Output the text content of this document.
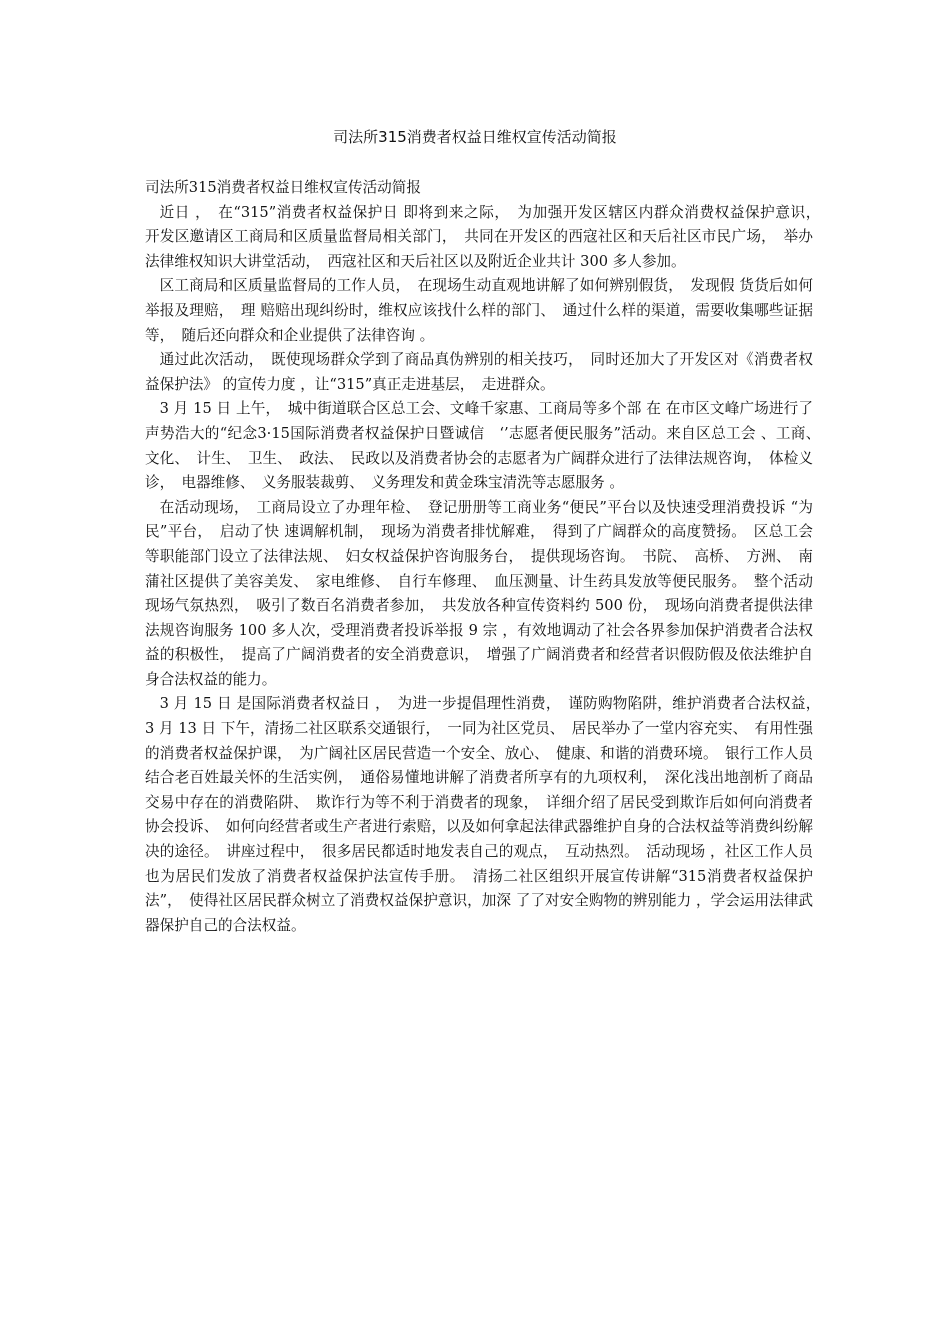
司法所315消费者权益日维权宣传活动简报

司法所315消费者权益日维权宣传活动简报

近日 ，　在“315”消费者权益保护日 即将到来之际，　为加强开发区辖区内群众消费权益保护意识，　开发区邀请区工商局和区质量监督局相关部门，　共同在开发区的西寇社区和天后社区市民广场，　举办法律维权知识大讲堂活动，　西寇社区和天后社区以及附近企业共计 300 多人参加。

区工商局和区质量监督局的工作人员，　在现场生动直观地讲解了如何辨别假货，　发现假 货货后如何举报及理赔，　理 赔赔出现纠纷时，维权应该找什么样的部门、　通过什么样的渠道，需要收集哪些证据等，　随后还向群众和企业提供了法律咨询 。

通过此次活动，　既使现场群众学到了商品真伪辨别的相关技巧，　同时还加大了开发区对《消费者权益保护法》 的宣传力度 ，让“315”真正走进基层，　走进群众。

3 月 15 日 上午，　城中街道联合区总工会、文峰千家惠、工商局等多个部 在 在市区文峰广场进行了声势浩大的“纪念3·15国际消费者权益保护日暨诚信　‘’志愿者便民服务”活动。来自区总工会 、工商、　文化、　计生、　卫生、　政法、　民政以及消费者协会的志愿者为广阔群众进行了法律法规咨询，　体检义诊，　电器维修、　义务服装裁剪、　义务理发和黄金珠宝清洗等志愿服务 。

在活动现场，　工商局设立了办理年检、　登记册册等工商业务“便民”平台以及快速受理消费投诉 “为民”平台，　启动了快 速调解机制，　现场为消费者排忧解难，　得到了广阔群众的高度赞扬。　区总工会等职能部门设立了法律法规、　妇女权益保护咨询服务台，　提供现场咨询。　书院、　高桥、　方洲、　南蒲社区提供了美容美发、　家电维修、　自行车修理、　血压测量、计生药具发放等便民服务。　整个活动现场气氛热烈，　吸引了数百名消费者参加，　共发放各种宣传资料约 500 份，　现场向消费者提供法律法规咨询服务 100 多人次，受理消费者投诉举报 9 宗 ，有效地调动了社会各界参加保护消费者合法权益的积极性，　提高了广阔消费者的安全消费意识，　增强了广阔消费者和经营者识假防假及依法维护自身合法权益的能力。

3 月 15 日 是国际消费者权益日 ，　为进一步提倡理性消费，　谨防购物陷阱，维护消费者合法权益，　3 月 13 日 下午，清扬二社区联系交通银行，　一同为社区党员、　居民举办了一堂内容充实、　有用性强的消费者权益保护课，　为广阔社区居民营造一个安全、放心、　健康、和谐的消费环境。　银行工作人员结合老百姓最关怀的生活实例，　通俗易懂地讲解了消费者所享有的九项权利，　深化浅出地剖析了商品交易中存在的消费陷阱、　欺诈行为等不利于消费者的现象，　详细介绍了居民受到欺诈后如何向消费者协会投诉、　如何向经营者或生产者进行索赔，以及如何拿起法律武器维护自身的合法权益等消费纠纷解决的途径。　讲座过程中，　很多居民都适时地发表自己的观点，　互动热烈。　活动现场 ，社区工作人员也为居民们发放了消费者权益保护法宣传手册。　清扬二社区组织开展宣传讲解“315消费者权益保护法”，　使得社区居民群众树立了消费权益保护意识，加深 了了对安全购物的辨别能力 ，学会运用法律武器保护自己的合法权益。
